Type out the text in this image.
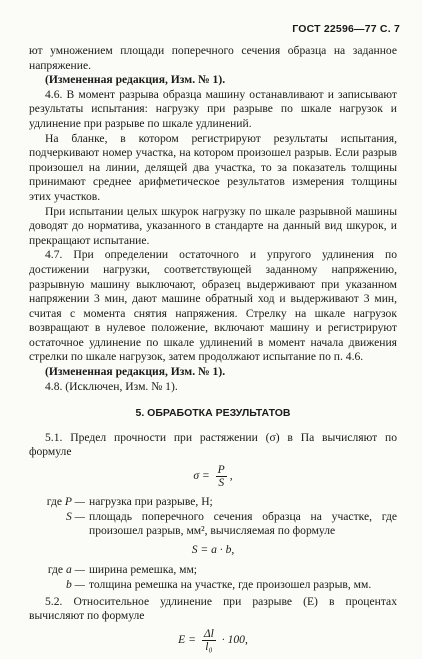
ГОСТ 22596—77 С. 7

ют умножением площади поперечного сечения образца на заданное напряжение.

(Измененная редакция, Изм. № 1).

4.6. В момент разрыва образца машину останавливают и записывают результаты испытания: нагрузку при разрыве по шкале нагрузок и удлинение при разрыве по шкале удлинений.

На бланке, в котором регистрируют результаты испытания, подчеркивают номер участка, на котором произошел разрыв. Если разрыв произошел на линии, делящей два участка, то за показатель толщины принимают среднее арифметическое результатов измерения толщины этих участков.

При испытании целых шкурок нагрузку по шкале разрывной машины доводят до норматива, указанного в стандарте на данный вид шкурок, и прекращают испытание.

4.7. При определении остаточного и упругого удлинения по достижении нагрузки, соответствующей заданному напряжению, разрывную машину выключают, образец выдерживают при указанном напряжении 3 мин, дают машине обратный ход и выдерживают 3 мин, считая с момента снятия напряжения. Стрелку на шкале нагрузок возвращают в нулевое положение, включают машину и регистрируют остаточное удлинение по шкале удлинений в момент начала движения стрелки по шкале нагрузок, затем продолжают испытание по п. 4.6.

(Измененная редакция, Изм. № 1).

4.8. (Исключен, Изм. № 1).

5. ОБРАБОТКА РЕЗУЛЬТАТОВ

5.1. Предел прочности при растяжении (σ) в Па вычисляют по формуле

$\sigma = \frac{P}{S}$ ,
где P — нагрузка при разрыве, Н;
S — площадь поперечного сечения образца на участке, где произошел разрыв, мм², вычисляемая по формуле
S = a · b,
где a — ширина ремешка, мм;
b — толщина ремешка на участке, где произошел разрыв, мм.

5.2. Относительное удлинение при разрыве (E) в процентах вычисляют по формуле

$E = \frac{\Delta l}{\text{l₀}} \cdot 100$,
